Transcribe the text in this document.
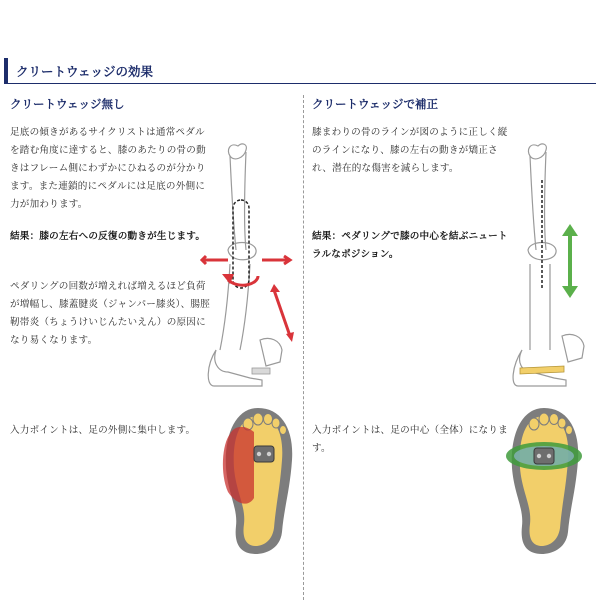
クリートウェッジの効果
クリートウェッジ無し	クリートウェッジで補正
足底の傾きがあるサイクリストは通常ペダルを踏む角度に達すると、膝のあたりの骨の動きはフレーム側にわずかにひねるのが分かります。また連鎖的にペダルには足底の外側に力が加わります。
結果：膝の左右への反復の動きが生じます。
ペダリングの回数が増えれば増えるほど負荷が増幅し、膝蓋腱炎（ジャンパー膝炎）、腸脛靭帯炎（ちょうけいじんたいえん）の原因になり易くなります。
入力ポイントは、足の外側に集中します。
膝まわりの骨のラインが図のように正しく縦のラインになり、膝の左右の動きが矯正され、潜在的な傷害を減らします。
結果：ペダリングで膝の中心を結ぶニュートラルなポジション。
入力ポイントは、足の中心（全体）になります。
